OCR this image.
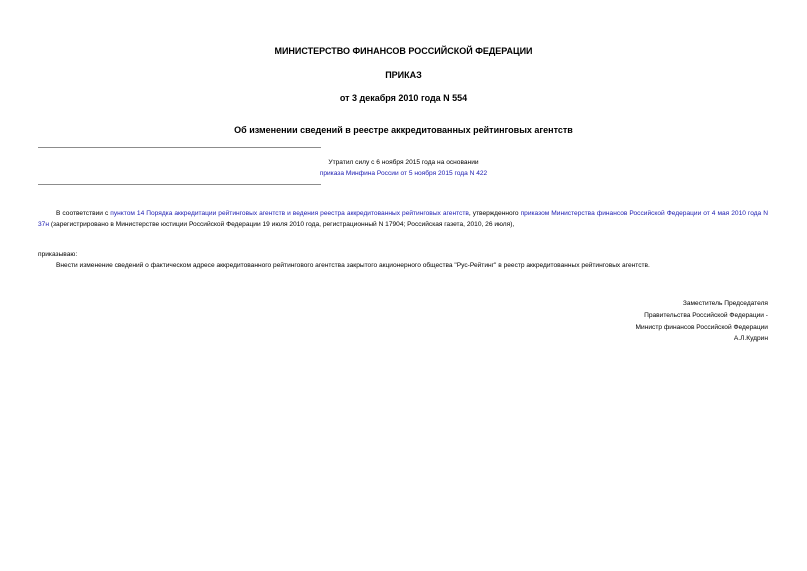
МИНИСТЕРСТВО ФИНАНСОВ РОССИЙСКОЙ ФЕДЕРАЦИИ
ПРИКАЗ
от 3 декабря 2010 года N 554
Об изменении сведений в реестре аккредитованных рейтинговых агентств
Утратил силу с 6 ноября 2015 года на основании
приказа Минфина России от 5 ноября 2015 года N 422
В соответствии с пунктом 14 Порядка аккредитации рейтинговых агентств и ведения реестра аккредитованных рейтинговых агентств, утвержденного приказом Министерства финансов Российской Федерации от 4 мая 2010 года N 37н (зарегистрировано в Министерстве юстиции Российской Федерации 19 июля 2010 года, регистрационный N 17904; Российская газета, 2010, 26 июля),
приказываю:
Внести изменение сведений о фактическом адресе аккредитованного рейтингового агентства закрытого акционерного общества "Рус-Рейтинг" в реестр аккредитованных рейтинговых агентств.
Заместитель Председателя
Правительства Российской Федерации -
Министр финансов Российской Федерации
А.Л.Кудрин
